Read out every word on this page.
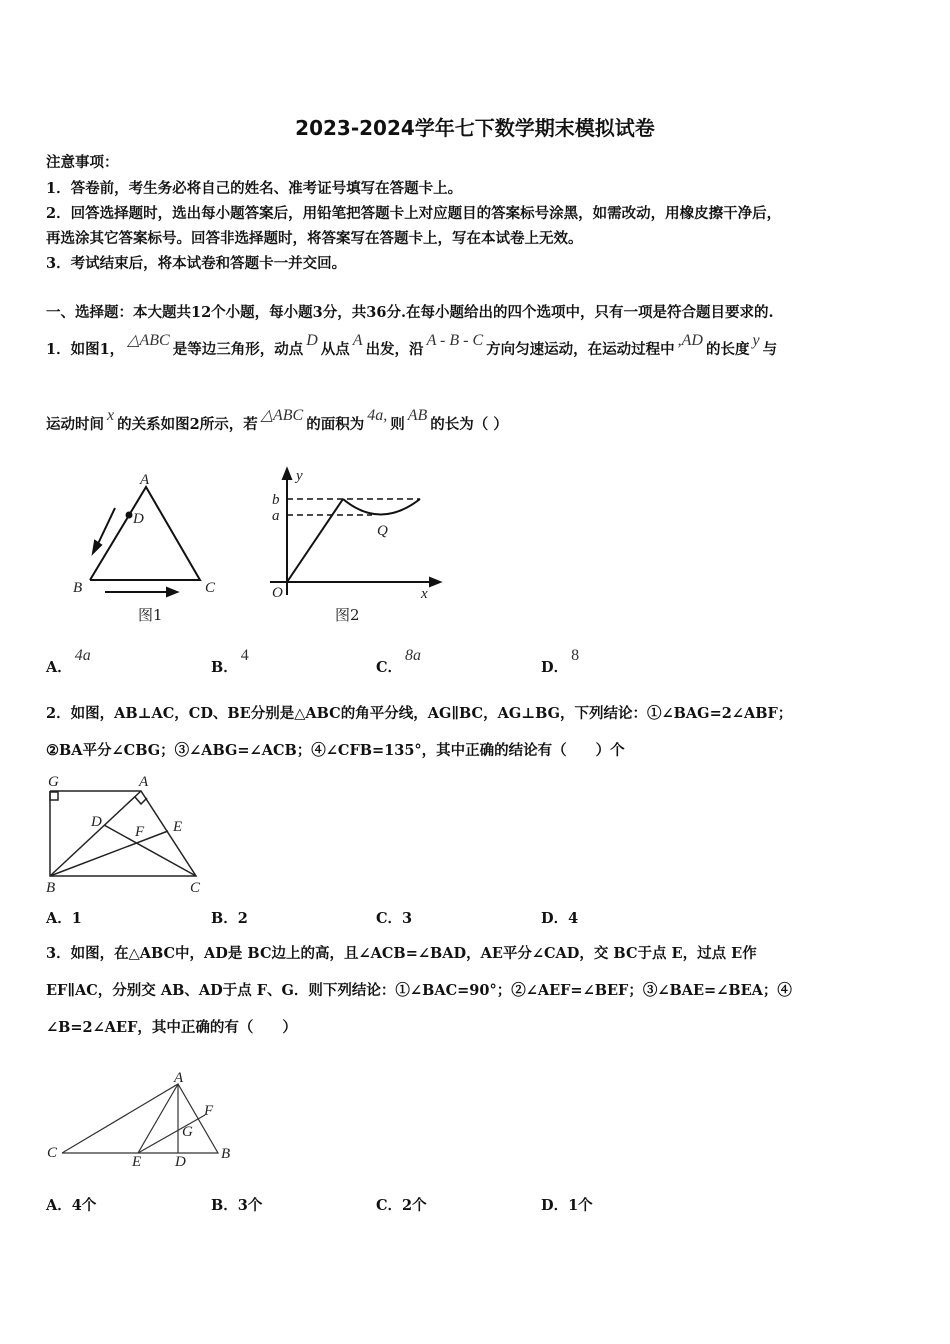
2023-2024学年七下数学期末模拟试卷
注意事项：
1．答卷前，考生务必将自己的姓名、准考证号填写在答题卡上。
2．回答选择题时，选出每小题答案后，用铅笔把答题卡上对应题目的答案标号涂黑，如需改动，用橡皮擦干净后，
再选涂其它答案标号。回答非选择题时，将答案写在答题卡上，写在本试卷上无效。
3．考试结束后，将本试卷和答题卡一并交回。
一、选择题：本大题共12个小题，每小题3分，共36分.在每小题给出的四个选项中，只有一项是符合题目要求的.
1．如图1，△ABC是等边三角形，动点D从点A出发，沿A - B - C方向匀速运动，在运动过程中,AD的长度y与
运动时间x的关系如图2所示，若△ABC的面积为4a,则AB的长为（ ）
A
B	C
D
图1
y
b
a
Q
O	x
图2
G	A
D
F E
B	C
A
F
G
C
E D B
A．4a
B．4
C．8a
D．8
2．如图，AB⊥AC，CD、BE分别是△ABC的角平分线，AG∥BC，AG⊥BG，下列结论：①∠BAG=2∠ABF；
②BA平分∠CBG；③∠ABG=∠ACB；④∠CFB=135°，其中正确的结论有（　　）个
A．1	B．2	C．3	D．4
3．如图，在△ABC中，AD是 BC边上的高，且∠ACB=∠BAD，AE平分∠CAD，交 BC于点 E，过点 E作
EF∥AC，分别交 AB、AD于点 F、G．则下列结论：①∠BAC=90°；②∠AEF=∠BEF；③∠BAE=∠BEA；④
∠B=2∠AEF，其中正确的有（　　）
A．4个	B．3个	C．2个	D．1个
